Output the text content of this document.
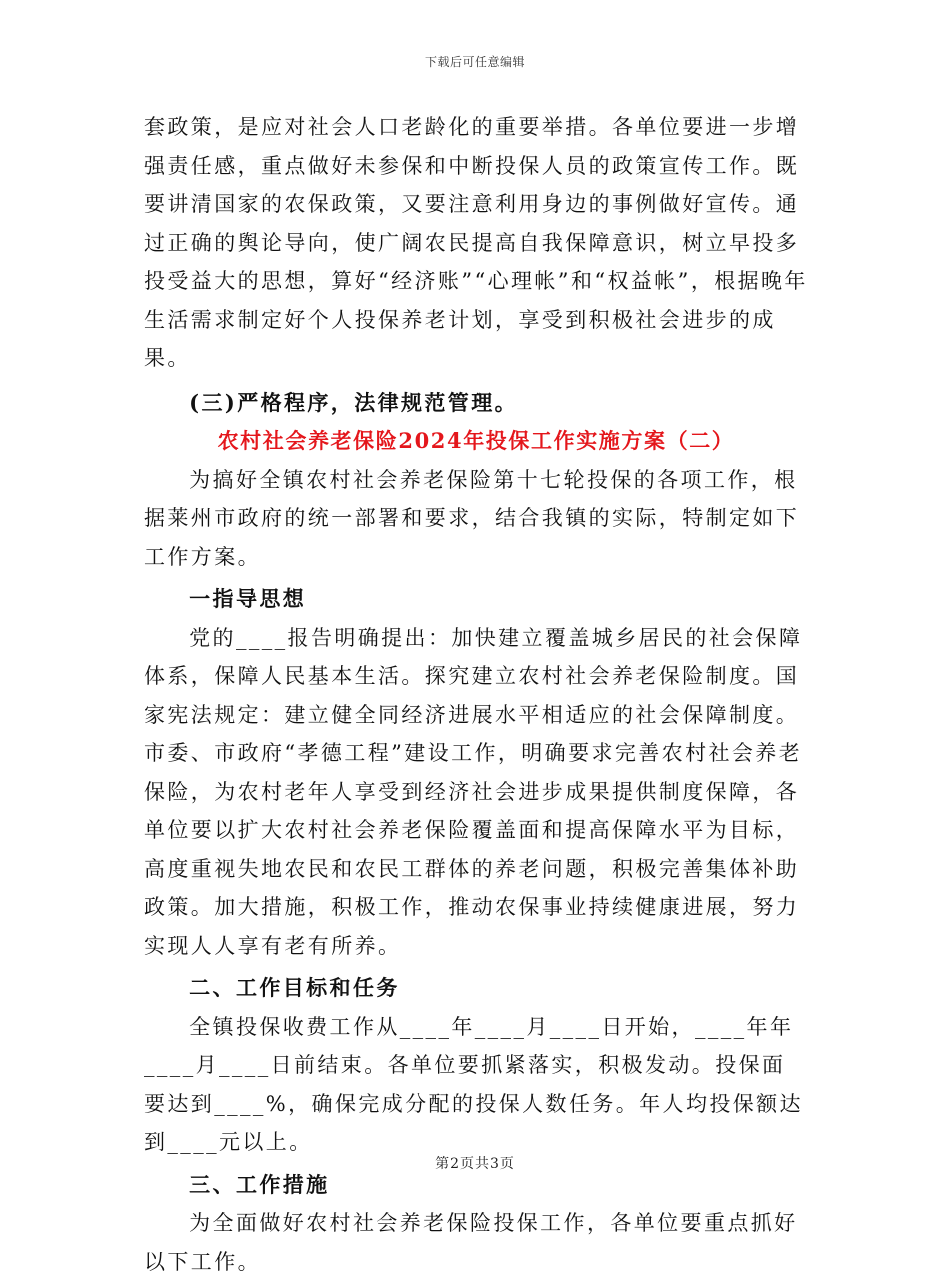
下载后可任意编辑

套政策，是应对社会人口老龄化的重要举措。各单位要进一步增强责任感，重点做好未参保和中断投保人员的政策宣传工作。既要讲清国家的农保政策，又要注意利用身边的事例做好宣传。通过正确的舆论导向，使广阔农民提高自我保障意识，树立早投多投受益大的思想，算好“经济账”“心理帐”和“权益帐”，根据晚年生活需求制定好个人投保养老计划，享受到积极社会进步的成果。

(三)严格程序，法律规范管理。

农村社会养老保险2024年投保工作实施方案（二）

为搞好全镇农村社会养老保险第十七轮投保的各项工作，根据莱州市政府的统一部署和要求，结合我镇的实际，特制定如下工作方案。

一指导思想

党的____报告明确提出：加快建立覆盖城乡居民的社会保障体系，保障人民基本生活。探究建立农村社会养老保险制度。国家宪法规定：建立健全同经济进展水平相适应的社会保障制度。市委、市政府“孝德工程”建设工作，明确要求完善农村社会养老保险，为农村老年人享受到经济社会进步成果提供制度保障，各单位要以扩大农村社会养老保险覆盖面和提高保障水平为目标，高度重视失地农民和农民工群体的养老问题，积极完善集体补助政策。加大措施，积极工作，推动农保事业持续健康进展，努力实现人人享有老有所养。

二、工作目标和任务

全镇投保收费工作从____年____月____日开始，____年年____月____日前结束。各单位要抓紧落实，积极发动。投保面要达到____%，确保完成分配的投保人数任务。年人均投保额达到____元以上。

三、工作措施

为全面做好农村社会养老保险投保工作，各单位要重点抓好以下工作。

第2页共3页
